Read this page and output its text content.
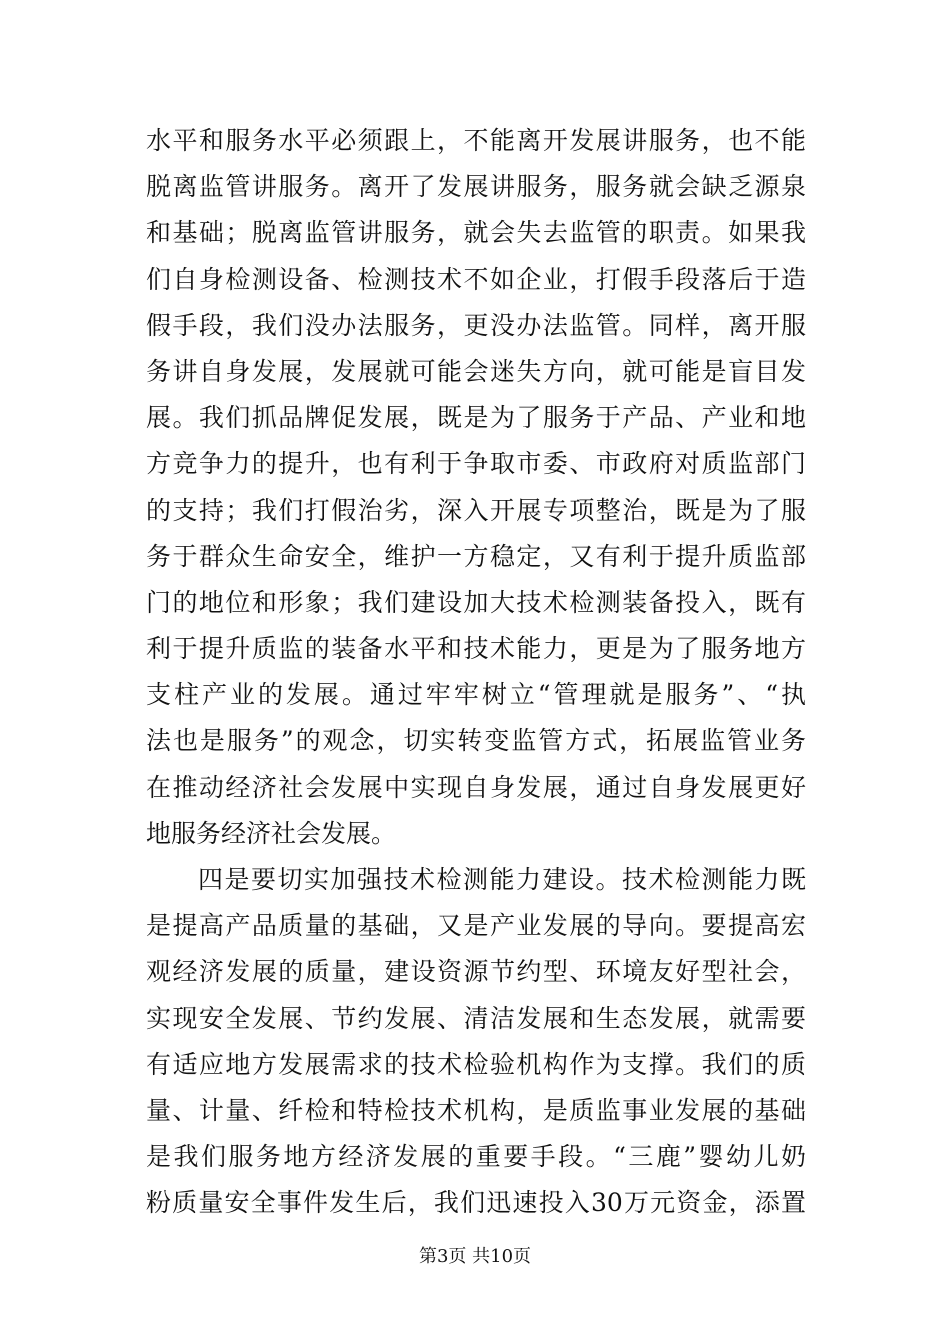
水平和服务水平必须跟上，不能离开发展讲服务，也不能
脱离监管讲服务。离开了发展讲服务，服务就会缺乏源泉
和基础；脱离监管讲服务，就会失去监管的职责。如果我
们自身检测设备、检测技术不如企业，打假手段落后于造
假手段，我们没办法服务，更没办法监管。同样，离开服
务讲自身发展，发展就可能会迷失方向，就可能是盲目发
展。我们抓品牌促发展，既是为了服务于产品、产业和地
方竞争力的提升，也有利于争取市委、市政府对质监部门
的支持；我们打假治劣，深入开展专项整治，既是为了服
务于群众生命安全，维护一方稳定，又有利于提升质监部
门的地位和形象；我们建设加大技术检测装备投入，既有
利于提升质监的装备水平和技术能力，更是为了服务地方
支柱产业的发展。通过牢牢树立“管理就是服务”、“执
法也是服务”的观念，切实转变监管方式，拓展监管业务
在推动经济社会发展中实现自身发展，通过自身发展更好
地服务经济社会发展。
四是要切实加强技术检测能力建设。技术检测能力既
是提高产品质量的基础，又是产业发展的导向。要提高宏
观经济发展的质量，建设资源节约型、环境友好型社会，
实现安全发展、节约发展、清洁发展和生态发展，就需要
有适应地方发展需求的技术检验机构作为支撑。我们的质
量、计量、纤检和特检技术机构，是质监事业发展的基础
是我们服务地方经济发展的重要手段。“三鹿”婴幼儿奶
粉质量安全事件发生后，我们迅速投入30万元资金，添置
第3页 共10页
